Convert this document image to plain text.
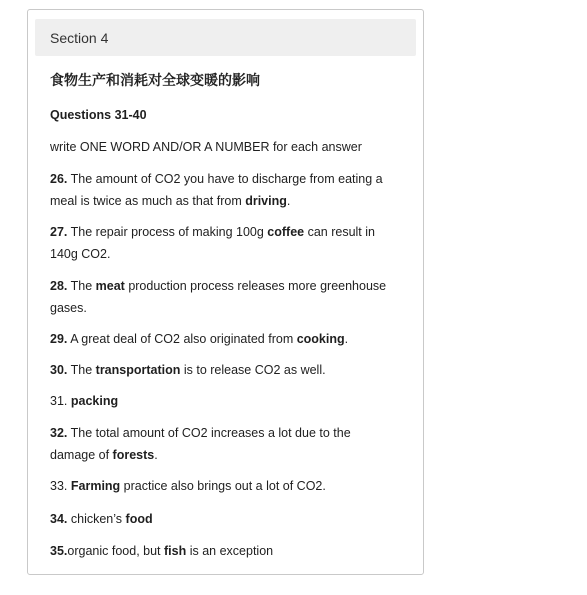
Section 4
食物生产和消耗对全球变暖的影响
Questions 31-40
write ONE WORD AND/OR A NUMBER for each answer
26. The amount of CO2 you have to discharge from eating a
meal is twice as much as that from driving.
27. The repair process of making 100g coffee can result in
140g CO2.
28. The meat production process releases more greenhouse
gases.
29. A great deal of CO2 also originated from cooking.
30. The transportation is to release CO2 as well.
31. packing
32. The total amount of CO2 increases a lot due to the
damage of forests.
33. Farming practice also brings out a lot of CO2.
34. chicken’s food
35.organic food, but fish is an exception
